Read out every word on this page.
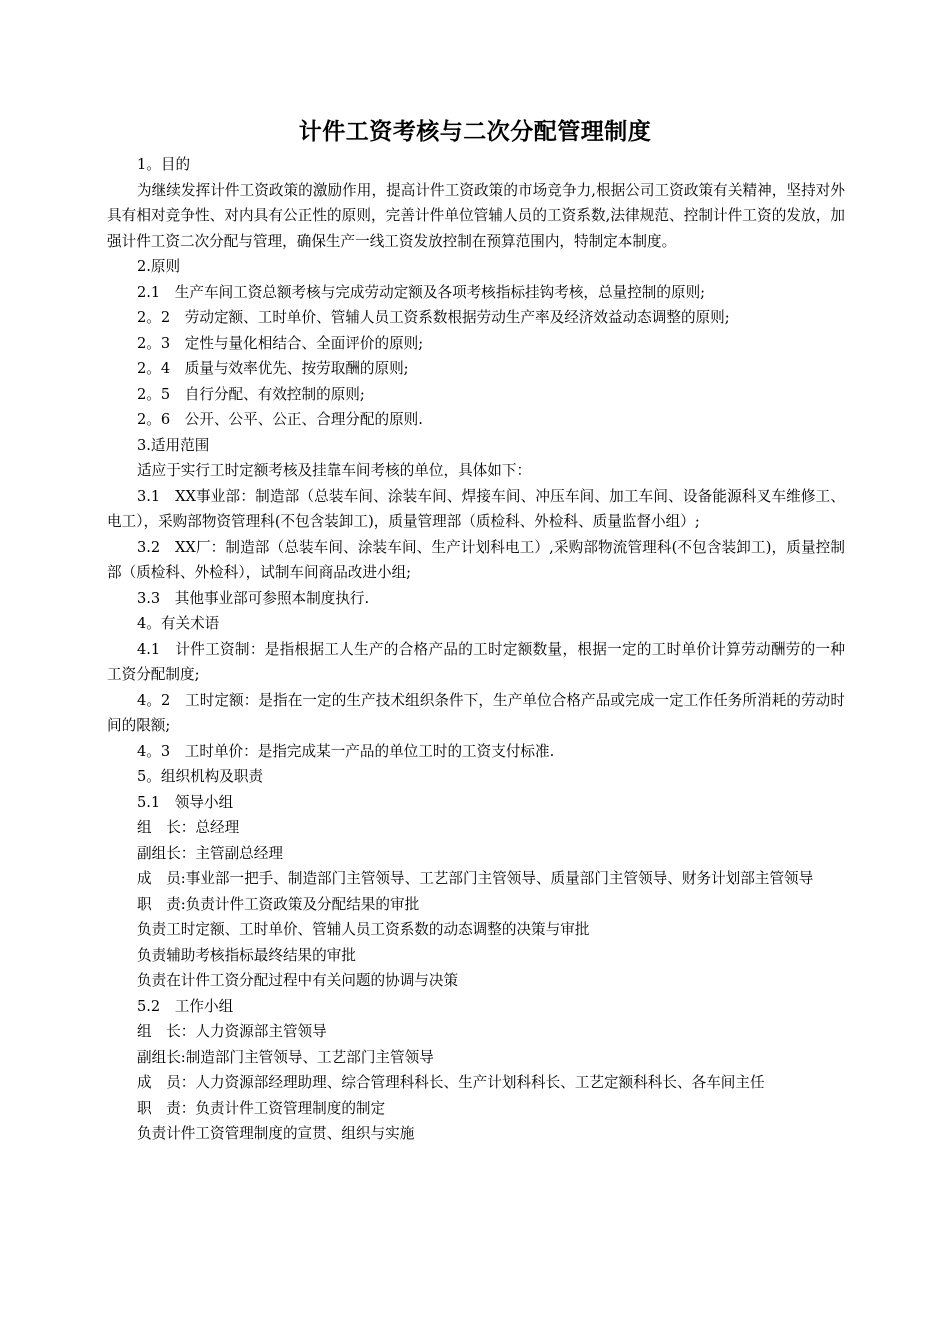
计件工资考核与二次分配管理制度

1。目的

为继续发挥计件工资政策的激励作用，提高计件工资政策的市场竞争力,根据公司工资政策有关精神，坚持对外具有相对竞争性、对内具有公正性的原则，完善计件单位管辅人员的工资系数,法律规范、控制计件工资的发放，加强计件工资二次分配与管理，确保生产一线工资发放控制在预算范围内，特制定本制度。

2.原则

2.1　生产车间工资总额考核与完成劳动定额及各项考核指标挂钩考核，总量控制的原则;

2。2　劳动定额、工时单价、管辅人员工资系数根据劳动生产率及经济效益动态调整的原则;

2。3　定性与量化相结合、全面评价的原则;

2。4　质量与效率优先、按劳取酬的原则;

2。5　自行分配、有效控制的原则;

2。6　公开、公平、公正、合理分配的原则.

3.适用范围

适应于实行工时定额考核及挂靠车间考核的单位，具体如下：

3.1　XX事业部：制造部（总装车间、涂装车间、焊接车间、冲压车间、加工车间、设备能源科叉车维修工、电工），采购部物资管理科(不包含装卸工)，质量管理部（质检科、外检科、质量监督小组）;

3.2　XX厂：制造部（总装车间、涂装车间、生产计划科电工）,采购部物流管理科(不包含装卸工)，质量控制部（质检科、外检科），试制车间商品改进小组;

3.3　其他事业部可参照本制度执行.

4。有关术语

4.1　计件工资制：是指根据工人生产的合格产品的工时定额数量，根据一定的工时单价计算劳动酬劳的一种工资分配制度;

4。2　工时定额：是指在一定的生产技术组织条件下，生产单位合格产品或完成一定工作任务所消耗的劳动时间的限额;

4。3　工时单价：是指完成某一产品的单位工时的工资支付标准.

5。组织机构及职责

5.1　领导小组

组　长：总经理

副组长：主管副总经理

成　员:事业部一把手、制造部门主管领导、工艺部门主管领导、质量部门主管领导、财务计划部主管领导

职　责:负责计件工资政策及分配结果的审批

负责工时定额、工时单价、管辅人员工资系数的动态调整的决策与审批

负责辅助考核指标最终结果的审批

负责在计件工资分配过程中有关问题的协调与决策

5.2　工作小组

组　长：人力资源部主管领导

副组长:制造部门主管领导、工艺部门主管领导

成　员：人力资源部经理助理、综合管理科科长、生产计划科科长、工艺定额科科长、各车间主任

职　责：负责计件工资管理制度的制定

负责计件工资管理制度的宣贯、组织与实施
